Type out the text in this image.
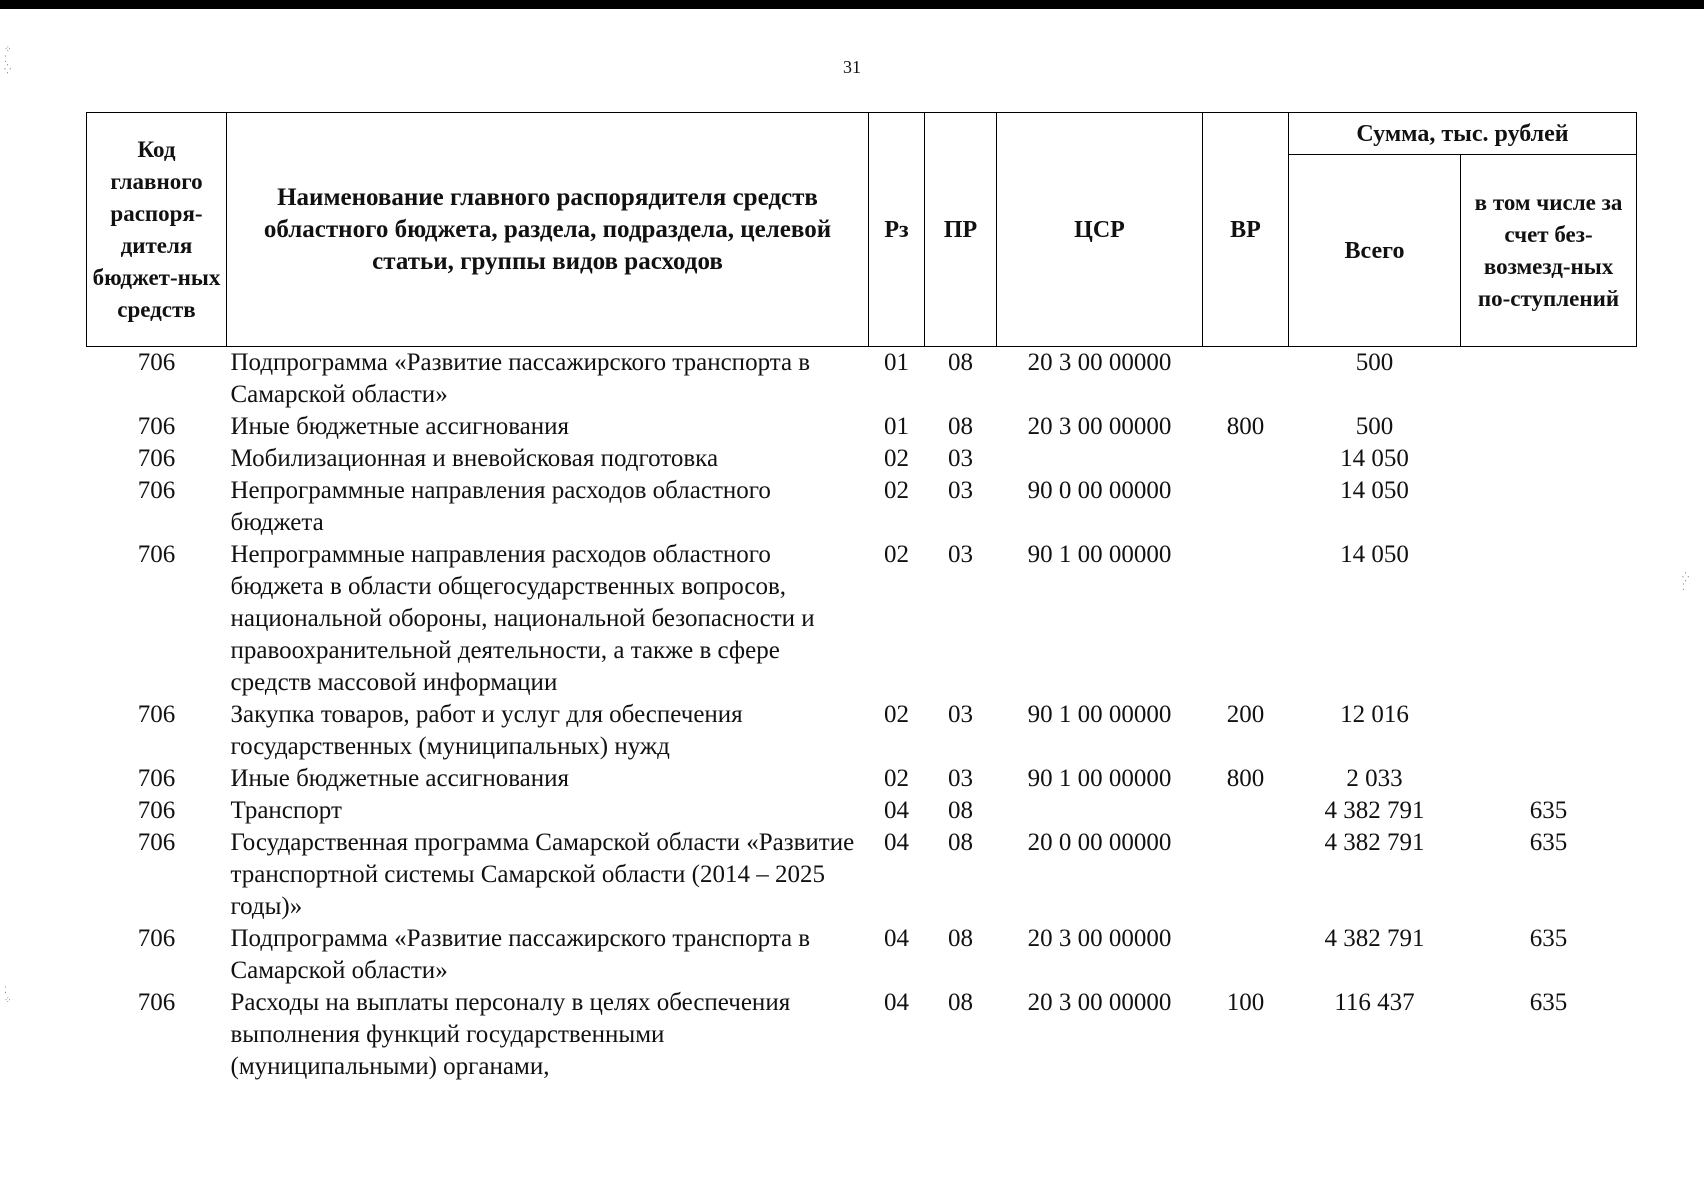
31
⁘
⁚
⁛
⁛
⁚
⁚
⁘
Код главного распоря-дителя бюджет-ных средств	Наименование главного распорядителя средств областного бюджета, раздела, подраздела, целевой статьи, группы видов расходов	Рз	ПР	ЦСР	ВР	Сумма, тыс. рублей	
						Всего	в том числе за счет без-возмезд-ных по-ступлений
706	Подпрограмма «Развитие пассажирского транспорта в Самарской области»	01	08	20 3 00 00000		500	
706	Иные бюджетные ассигнования	01	08	20 3 00 00000	800	500	
706	Мобилизационная и вневойсковая подготовка	02	03			14 050	
706	Непрограммные направления расходов областного бюджета	02	03	90 0 00 00000		14 050	
706	Непрограммные направления расходов областного бюджета в области общегосударственных вопросов, национальной обороны, национальной безопасности и правоохранительной деятельности, а также в сфере средств массовой информации	02	03	90 1 00 00000		14 050	
706	Закупка товаров, работ и услуг для обеспечения государственных (муниципальных) нужд	02	03	90 1 00 00000	200	12 016	
706	Иные бюджетные ассигнования	02	03	90 1 00 00000	800	2 033	
706	Транспорт	04	08			4 382 791	635
706	Государственная программа Самарской области «Развитие транспортной системы Самарской области (2014 – 2025 годы)»	04	08	20 0 00 00000		4 382 791	635
706	Подпрограмма «Развитие пассажирского транспорта в Самарской области»	04	08	20 3 00 00000		4 382 791	635
706	Расходы на выплаты персоналу в целях обеспечения выполнения функций государственными (муниципальными) органами,	04	08	20 3 00 00000	100	116 437	635
